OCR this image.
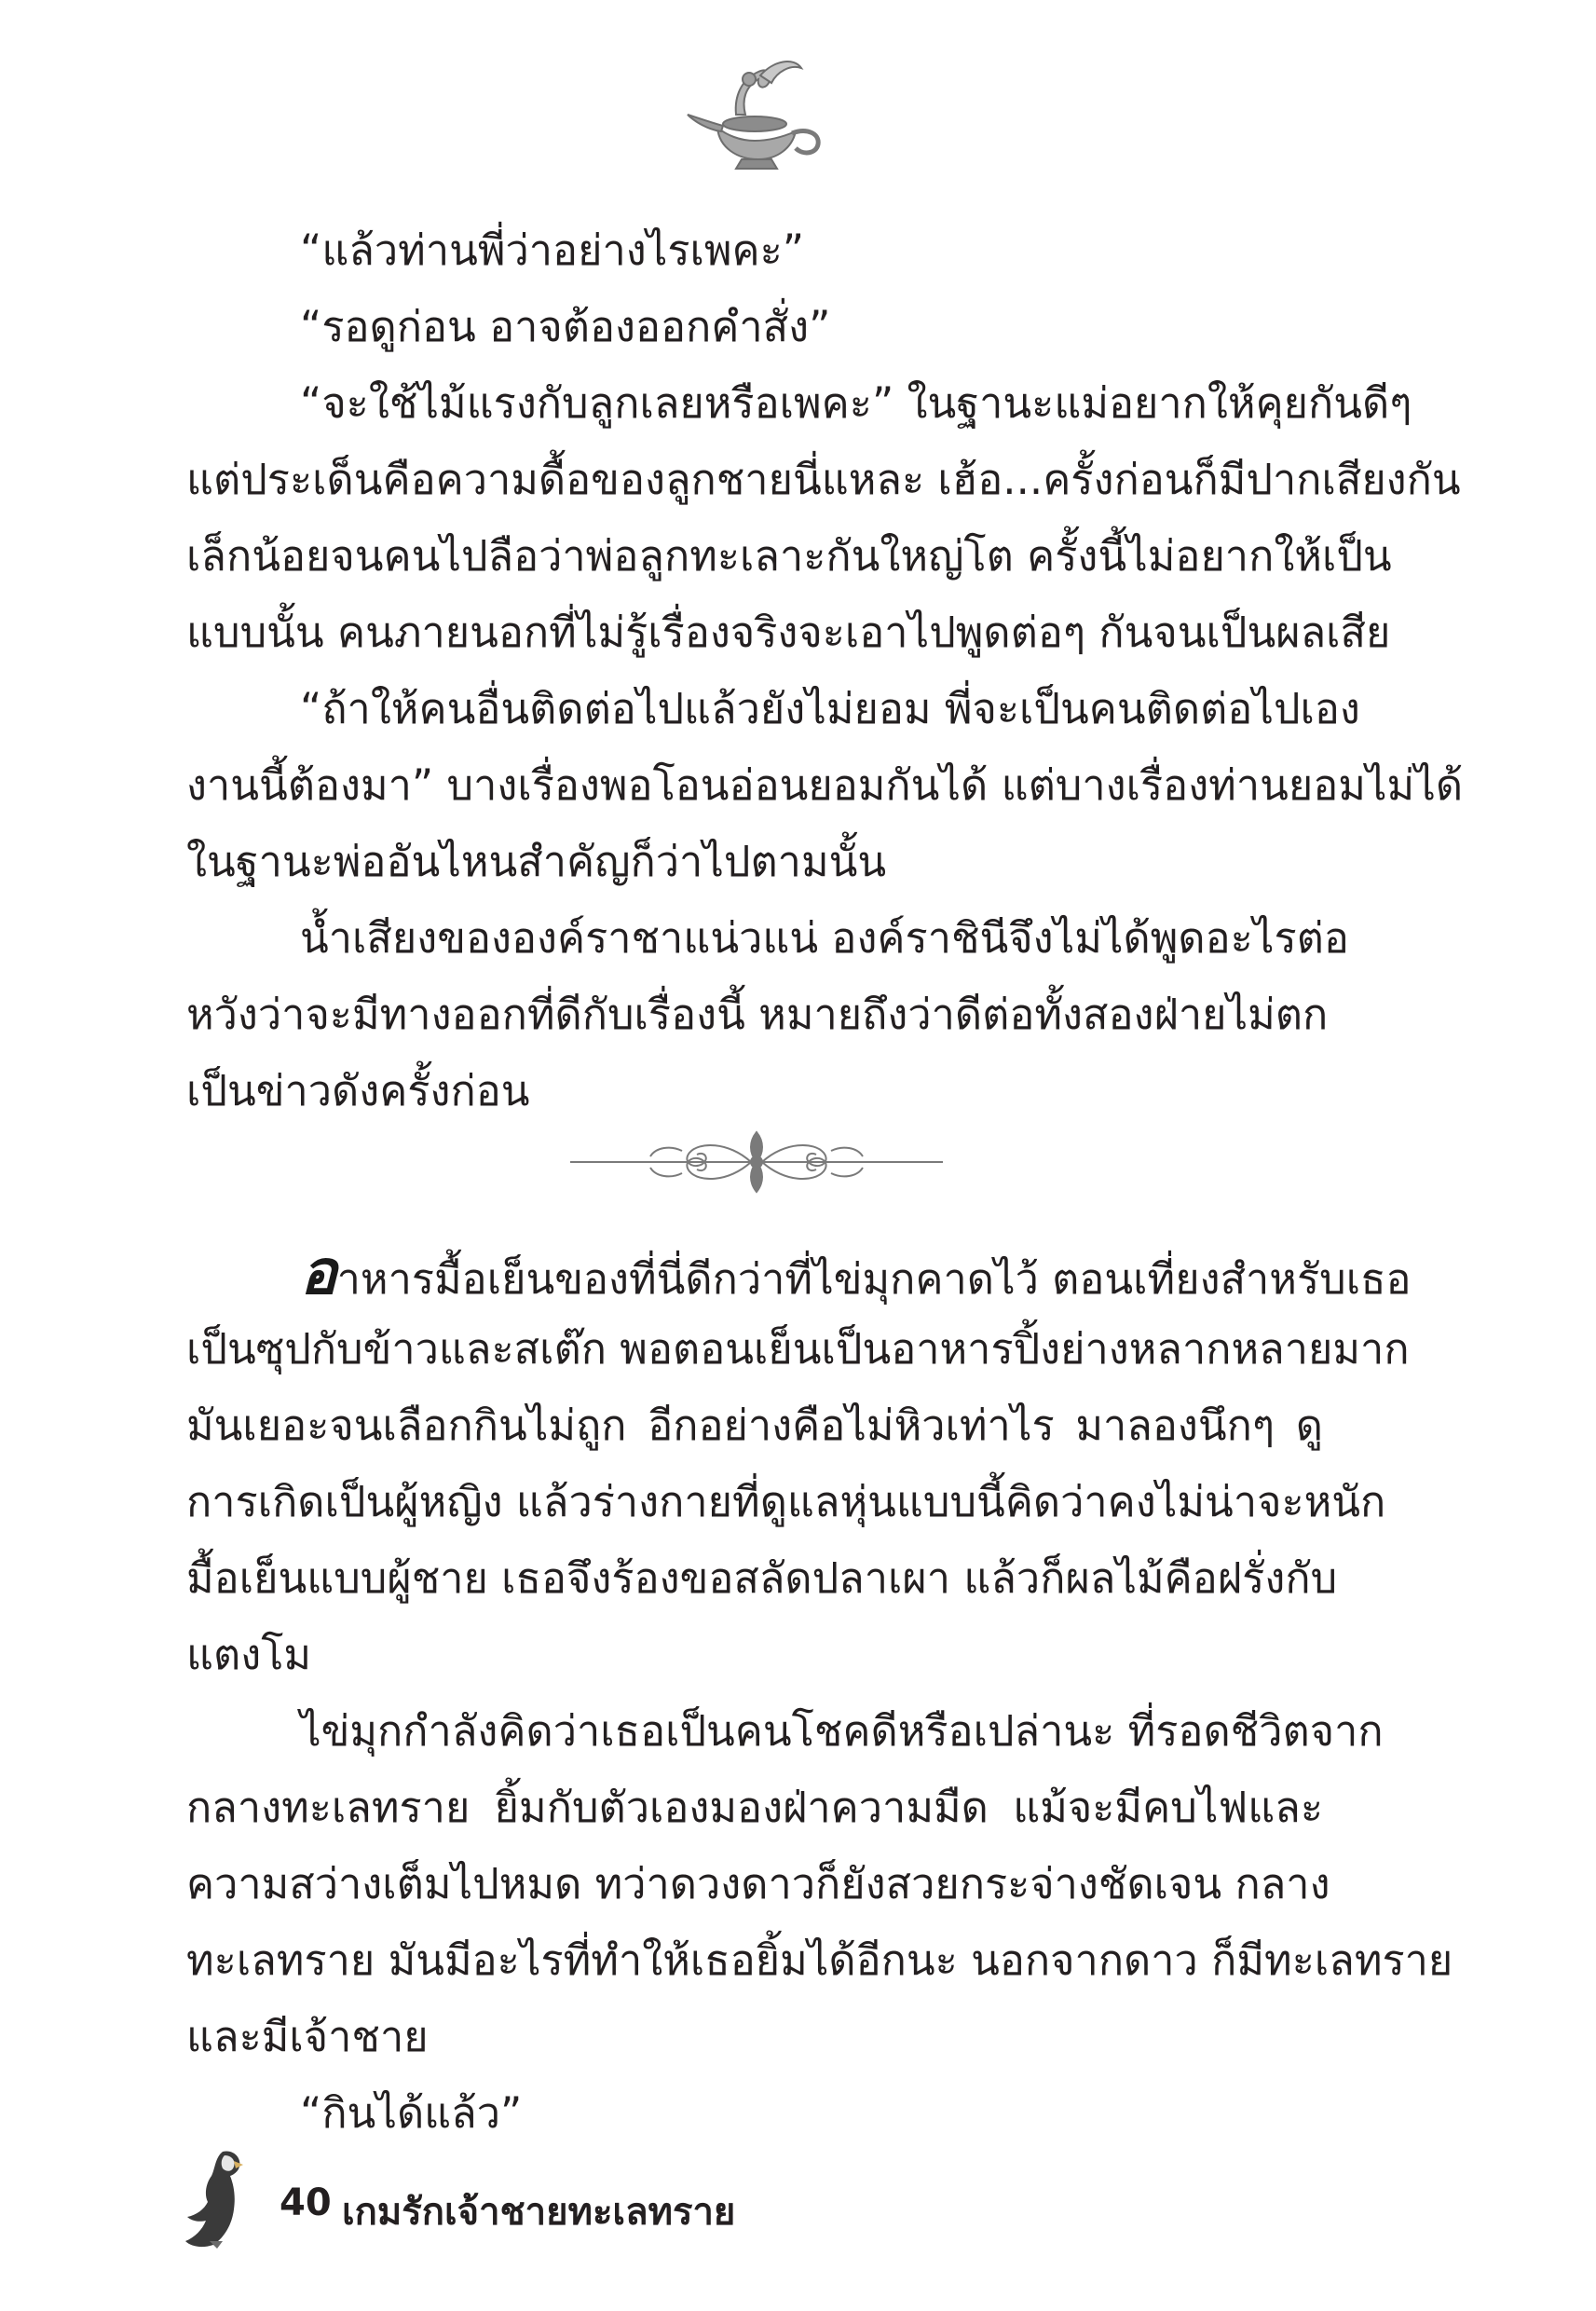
“แล้วท่านพี่ว่าอย่างไรเพคะ”
“รอดูก่อน อาจต้องออกคำสั่ง”
“จะใช้ไม้แรงกับลูกเลยหรือเพคะ” ในฐานะแม่อยากให้คุยกันดีๆ
แต่ประเด็นคือความดื้อของลูกชายนี่แหละ เฮ้อ...ครั้งก่อนก็มีปากเสียงกัน
เล็กน้อยจนคนไปลือว่าพ่อลูกทะเลาะกันใหญ่โต ครั้งนี้ไม่อยากให้เป็น
แบบนั้น คนภายนอกที่ไม่รู้เรื่องจริงจะเอาไปพูดต่อๆ กันจนเป็นผลเสีย
“ถ้าให้คนอื่นติดต่อไปแล้วยังไม่ยอม พี่จะเป็นคนติดต่อไปเอง
งานนี้ต้องมา” บางเรื่องพอโอนอ่อนยอมกันได้ แต่บางเรื่องท่านยอมไม่ได้
ในฐานะพ่ออันไหนสำคัญก็ว่าไปตามนั้น
น้ำเสียงขององค์ราชาแน่วแน่ องค์ราชินีจึงไม่ได้พูดอะไรต่อ
หวังว่าจะมีทางออกที่ดีกับเรื่องนี้ หมายถึงว่าดีต่อทั้งสองฝ่ายไม่ตก
เป็นข่าวดังครั้งก่อน
อาหารมื้อเย็นของที่นี่ดีกว่าที่ไข่มุกคาดไว้ ตอนเที่ยงสำหรับเธอ
เป็นซุปกับข้าวและสเต๊ก พอตอนเย็นเป็นอาหารปิ้งย่างหลากหลายมาก
มันเยอะจนเลือกกินไม่ถูก อีกอย่างคือไม่หิวเท่าไร มาลองนึกๆ ดู
การเกิดเป็นผู้หญิง แล้วร่างกายที่ดูแลหุ่นแบบนี้คิดว่าคงไม่น่าจะหนัก
มื้อเย็นแบบผู้ชาย เธอจึงร้องขอสลัดปลาเผา แล้วก็ผลไม้คือฝรั่งกับ
แตงโม
ไข่มุกกำลังคิดว่าเธอเป็นคนโชคดีหรือเปล่านะ ที่รอดชีวิตจาก
กลางทะเลทราย ยิ้มกับตัวเองมองฝ่าความมืด แม้จะมีคบไฟและ
ความสว่างเต็มไปหมด ทว่าดวงดาวก็ยังสวยกระจ่างชัดเจน กลาง
ทะเลทราย มันมีอะไรที่ทำให้เธอยิ้มได้อีกนะ นอกจากดาว ก็มีทะเลทราย
และมีเจ้าชาย
“กินได้แล้ว”
40 เกมรักเจ้าชายทะเลทราย
